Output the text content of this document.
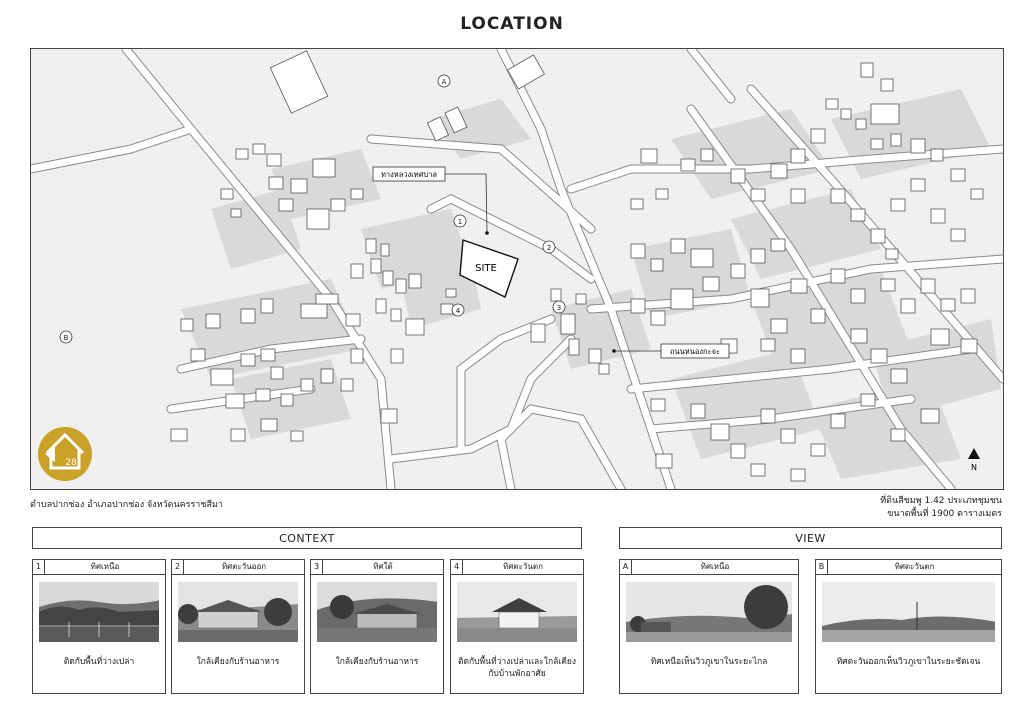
LOCATION
SITE
ทางหลวงเทศบาล
ถนนหนองกะจะ
1
2
3
4
A
B
N
28
ตำบลปากช่อง อำเภอปากช่อง จังหวัดนครราชสีมา	ที่ดินสีชมพู 1.42 ประเภทชุมชน
ขนาดพื้นที่ 1900 ตารางเมตร
CONTEXT	VIEW
1	ทิศเหนือ
ติดกับพื้นที่ว่างเปล่า
2	ทิศตะวันออก
ใกล้เคียงกับร้านอาหาร
3	ทิศใต้
ใกล้เคียงกับร้านอาหาร
4	ทิศตะวันตก
ติดกับพื้นที่ว่างเปล่าและใกล้เคียงกับบ้านพักอาศัย
A	ทิศเหนือ
ทิศเหนือเห็นวิวภูเขาในระยะไกล
B	ทิศตะวันตก
ทิศตะวันออกเห็นวิวภูเขาในระยะชัดเจน
